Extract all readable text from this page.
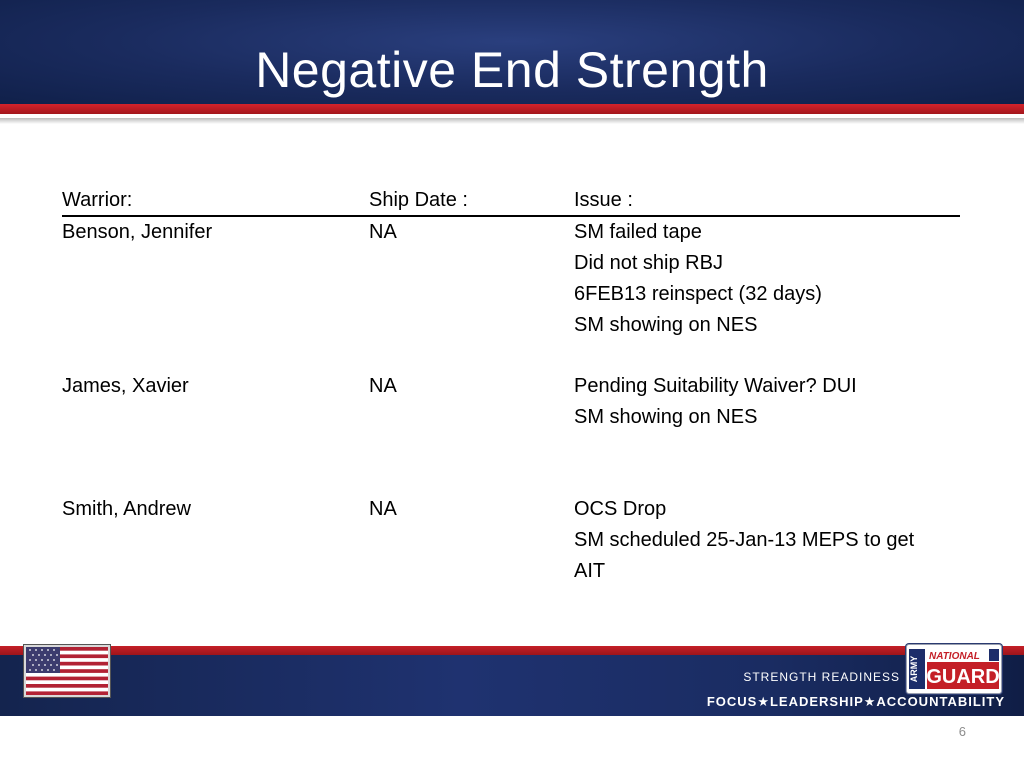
Negative End Strength
Warrior:	Ship Date :	Issue :
Benson, Jennifer	NA	SM failed tape
Did not ship RBJ
6FEB13 reinspect (32 days)
SM showing on NES
James, Xavier	NA	Pending Suitability Waiver? DUI
SM showing on NES
Smith, Andrew	NA	OCS Drop
SM scheduled 25-Jan-13 MEPS to get
AIT
STRENGTH READINESS
FOCUS★LEADERSHIP★ACCOUNTABILITY
ARMY NATIONAL
GUARD
6
